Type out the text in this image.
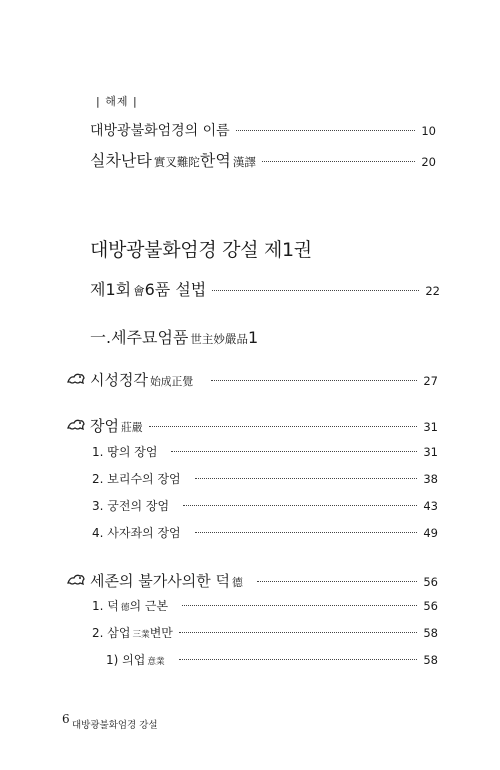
| 해제 |
대방광불화엄경의 이름	10
실차난타 實叉難陀 한역 漢譯	20
대방광불화엄경 강설 제1권
제1회 會 6품 설법	22
一. 세주묘엄품 世主妙嚴品 1
시성정각 始成正覺	27
장엄 莊嚴	31
1. 땅의 장엄	31
2. 보리수의 장엄	38
3. 궁전의 장엄	43
4. 사자좌의 장엄	49
세존의 불가사의한 덕 德	56
1. 덕 德 의 근본	56
2. 삼업 三業 변만	58
1) 의업 意業	58
6 대방광불화엄경 강설
